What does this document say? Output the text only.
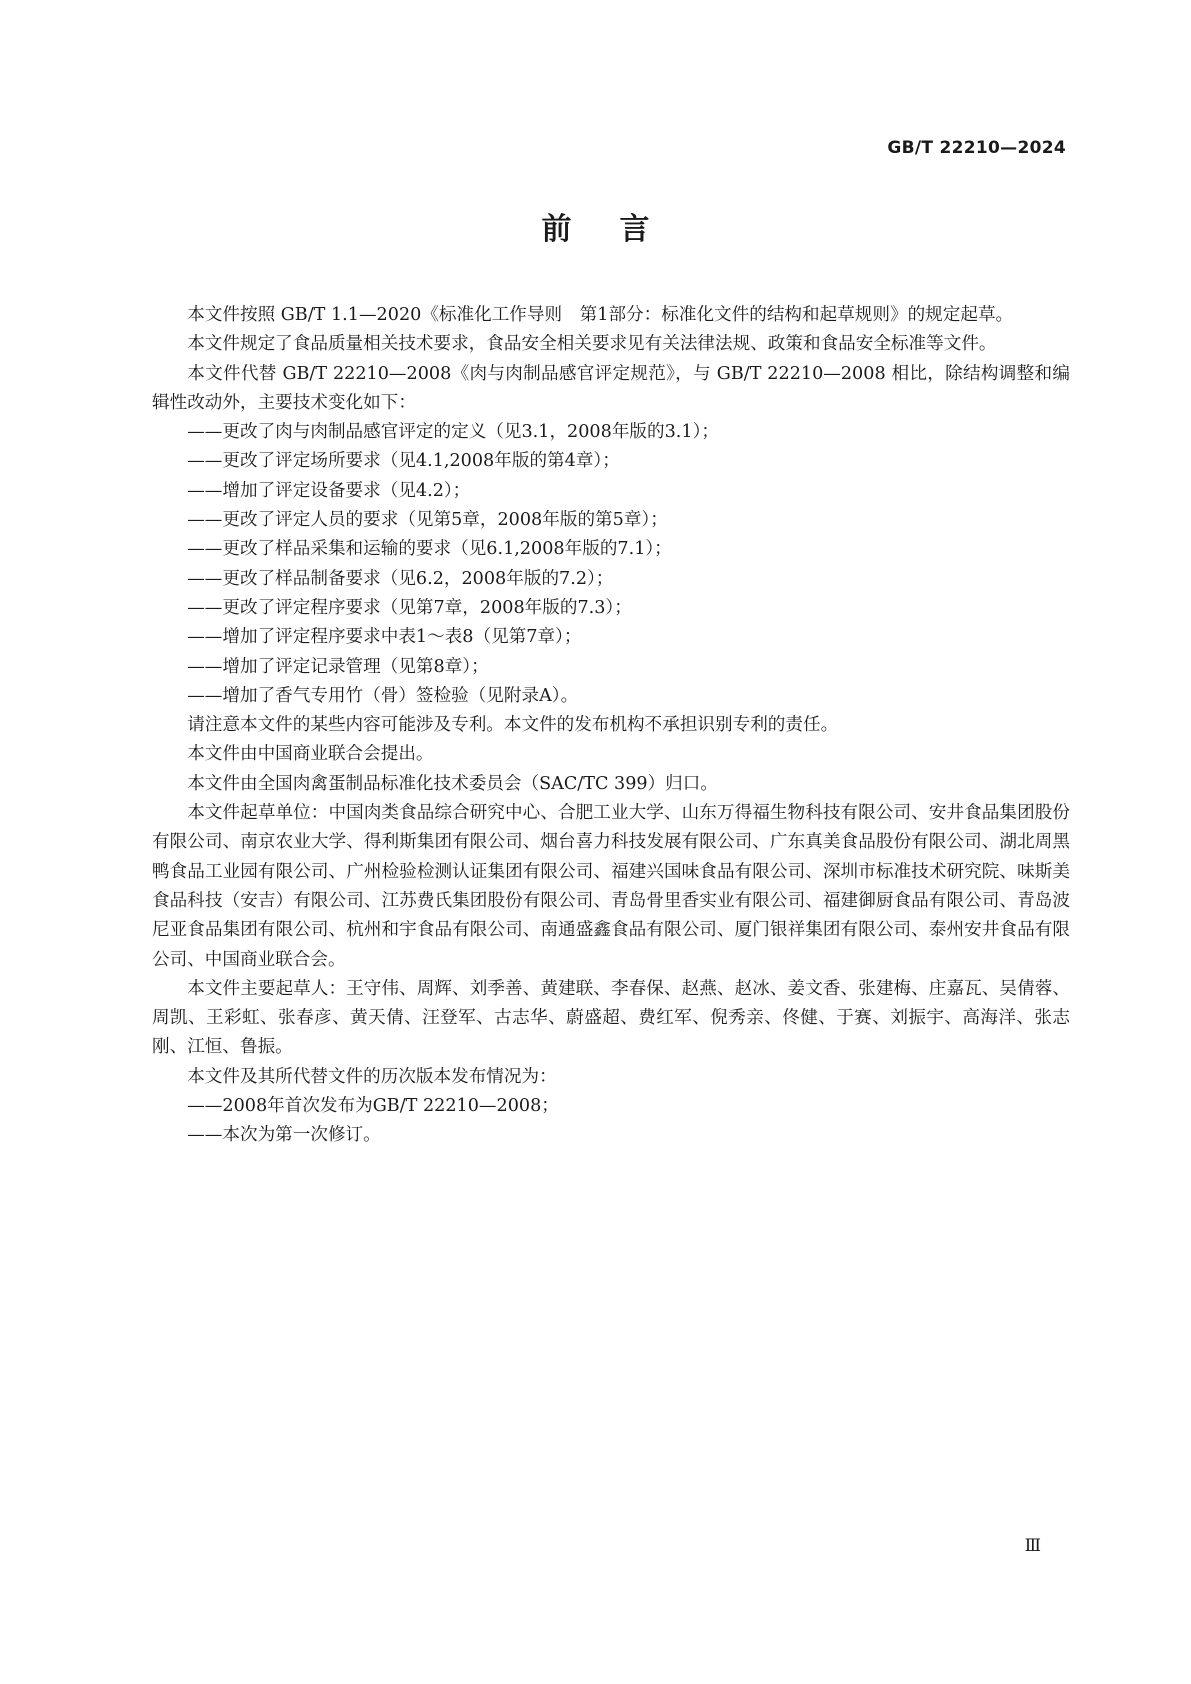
GB/T 22210—2024
前言

本文件按照 GB/T 1.1—2020《标准化工作导则　第1部分：标准化文件的结构和起草规则》的规定起草。

本文件规定了食品质量相关技术要求，食品安全相关要求见有关法律法规、政策和食品安全标准等文件。

本文件代替 GB/T 22210—2008《肉与肉制品感官评定规范》，与 GB/T 22210—2008 相比，除结构调整和编辑性改动外，主要技术变化如下：

——更改了肉与肉制品感官评定的定义（见3.1，2008年版的3.1）；
——更改了评定场所要求（见4.1,2008年版的第4章）；
——增加了评定设备要求（见4.2）；
——更改了评定人员的要求（见第5章，2008年版的第5章）；
——更改了样品采集和运输的要求（见6.1,2008年版的7.1）；
——更改了样品制备要求（见6.2，2008年版的7.2）；
——更改了评定程序要求（见第7章，2008年版的7.3）；
——增加了评定程序要求中表1～表8（见第7章）；
——增加了评定记录管理（见第8章）；
——增加了香气专用竹（骨）签检验（见附录A）。

请注意本文件的某些内容可能涉及专利。本文件的发布机构不承担识别专利的责任。

本文件由中国商业联合会提出。

本文件由全国肉禽蛋制品标准化技术委员会（SAC/TC 399）归口。

本文件起草单位：中国肉类食品综合研究中心、合肥工业大学、山东万得福生物科技有限公司、安井食品集团股份有限公司、南京农业大学、得利斯集团有限公司、烟台喜力科技发展有限公司、广东真美食品股份有限公司、湖北周黑鸭食品工业园有限公司、广州检验检测认证集团有限公司、福建兴国味食品有限公司、深圳市标准技术研究院、味斯美食品科技（安吉）有限公司、江苏费氏集团股份有限公司、青岛骨里香实业有限公司、福建御厨食品有限公司、青岛波尼亚食品集团有限公司、杭州和宇食品有限公司、南通盛鑫食品有限公司、厦门银祥集团有限公司、泰州安井食品有限公司、中国商业联合会。

本文件主要起草人：王守伟、周辉、刘季善、黄建联、李春保、赵燕、赵冰、姜文香、张建梅、庄嘉瓦、吴倩蓉、周凯、王彩虹、张春彦、黄天倩、汪登军、古志华、蔚盛超、费红军、倪秀亲、佟健、于赛、刘振宇、高海洋、张志刚、江恒、鲁振。

本文件及其所代替文件的历次版本发布情况为：

——2008年首次发布为GB/T 22210—2008；
——本次为第一次修订。
Ⅲ
